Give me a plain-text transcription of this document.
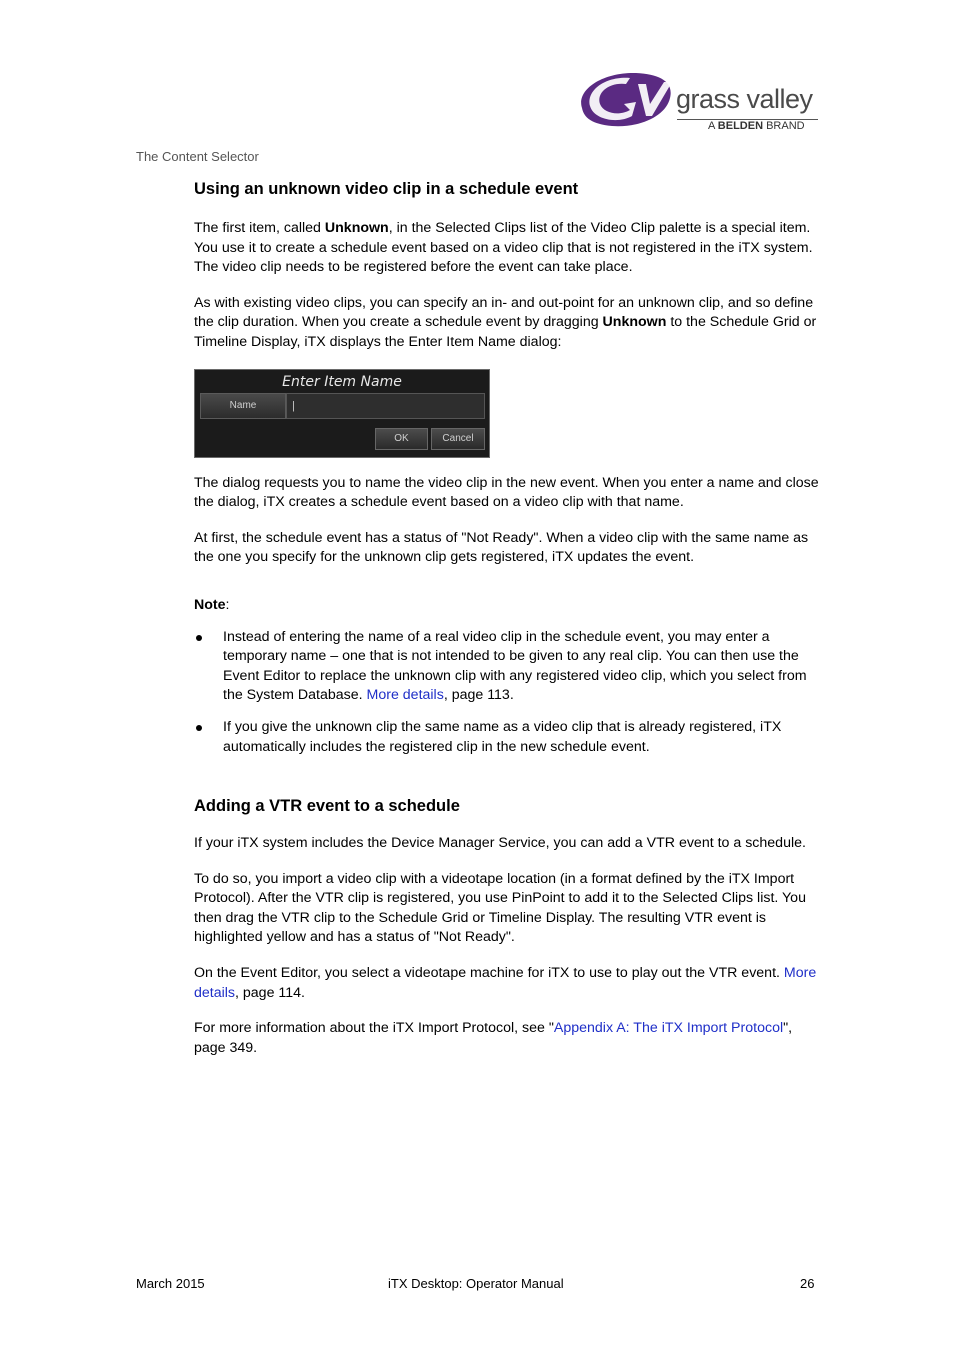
grass valley
A BELDEN BRAND
The Content Selector
Using an unknown video clip in a schedule event

The first item, called Unknown, in the Selected Clips list of the Video Clip palette is a special item. You use it to create a schedule event based on a video clip that is not registered in the iTX system. The video clip needs to be registered before the event can take place.

As with existing video clips, you can specify an in- and out-point for an unknown clip, and so define the clip duration. When you create a schedule event by dragging Unknown to the Schedule Grid or Timeline Display, iTX displays the Enter Item Name dialog:

Enter Item Name
Name	|
OK	Cancel

The dialog requests you to name the video clip in the new event. When you enter a name and close the dialog, iTX creates a schedule event based on a video clip with that name.

At first, the schedule event has a status of "Not Ready". When a video clip with the same name as the one you specify for the unknown clip gets registered, iTX updates the event.

Note:

Instead of entering the name of a real video clip in the schedule event, you may enter a temporary name – one that is not intended to be given to any real clip. You can then use the Event Editor to replace the unknown clip with any registered video clip, which you select from the System Database. More details, page 113.
If you give the unknown clip the same name as a video clip that is already registered, iTX automatically includes the registered clip in the new schedule event.
Adding a VTR event to a schedule

If your iTX system includes the Device Manager Service, you can add a VTR event to a schedule.

To do so, you import a video clip with a videotape location (in a format defined by the iTX Import Protocol). After the VTR clip is registered, you use PinPoint to add it to the Selected Clips list. You then drag the VTR clip to the Schedule Grid or Timeline Display. The resulting VTR event is highlighted yellow and has a status of "Not Ready".

On the Event Editor, you select a videotape machine for iTX to use to play out the VTR event. More details, page 114.

For more information about the iTX Import Protocol, see "Appendix A: The iTX Import Protocol", page 349.

March 2015	iTX Desktop: Operator Manual	26
